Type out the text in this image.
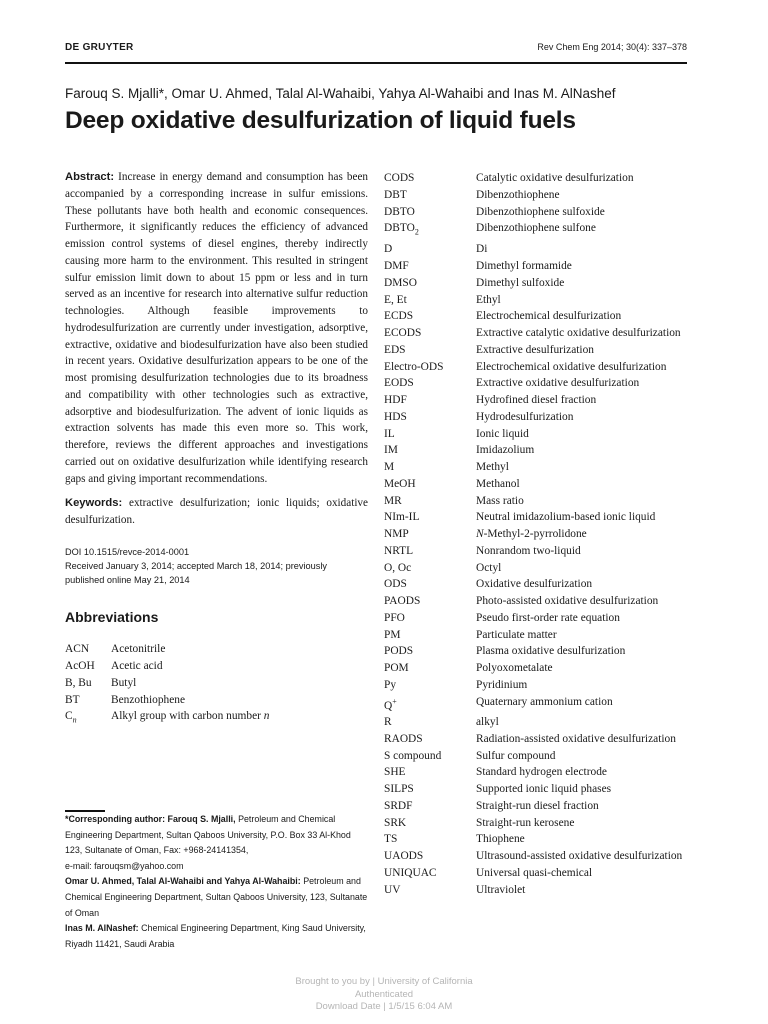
DE GRUYTER	Rev Chem Eng 2014; 30(4): 337–378
Farouq S. Mjalli*, Omar U. Ahmed, Talal Al-Wahaibi, Yahya Al-Wahaibi and Inas M. AlNashef
Deep oxidative desulfurization of liquid fuels

Abstract: Increase in energy demand and consumption has been accompanied by a corresponding increase in sulfur emissions. These pollutants have both health and economic consequences. Furthermore, it significantly reduces the efficiency of advanced emission control systems of diesel engines, thereby indirectly causing more harm to the environment. This resulted in stringent sulfur emission limit down to about 15 ppm or less and in turn served as an incentive for research into alternative sulfur reduction technologies. Although feasible improvements to hydrodesulfurization are currently under investigation, adsorptive, extractive, oxidative and biodesulfurization have also been studied in recent years. Oxidative desulfurization appears to be one of the most promising desulfurization technologies due to its broadness and compatibility with other technologies such as extractive, adsorptive and biodesulfurization. The advent of ionic liquids as extraction solvents has made this even more so. This work, therefore, reviews the different approaches and investigations carried out on oxidative desulfurization while identifying research gaps and giving important recommendations.

Keywords: extractive desulfurization; ionic liquids; oxidative desulfurization.

DOI 10.1515/revce-2014-0001
Received January 3, 2014; accepted March 18, 2014; previously published online May 21, 2014
Abbreviations
ACN	Acetonitrile
AcOH	Acetic acid
B, Bu	Butyl
BT	Benzothiophene
$C_n$	Alkyl group with carbon number n

*Corresponding author: Farouq S. Mjalli, Petroleum and Chemical Engineering Department, Sultan Qaboos University, P.O. Box 33 Al-Khod 123, Sultanate of Oman, Fax: +968-24141354,

e-mail: farouqsm@yahoo.com

Omar U. Ahmed, Talal Al-Wahaibi and Yahya Al-Wahaibi: Petroleum and Chemical Engineering Department, Sultan Qaboos University, 123, Sultanate of Oman

Inas M. AlNashef: Chemical Engineering Department, King Saud University, Riyadh 11421, Saudi Arabia

CODS	Catalytic oxidative desulfurization
DBT	Dibenzothiophene
DBTO	Dibenzothiophene sulfoxide
$DBTO_2$	Dibenzothiophene sulfone
D	Di
DMF	Dimethyl formamide
DMSO	Dimethyl sulfoxide
E, Et	Ethyl
ECDS	Electrochemical desulfurization
ECODS	Extractive catalytic oxidative desulfurization
EDS	Extractive desulfurization
Electro-ODS	Electrochemical oxidative desulfurization
EODS	Extractive oxidative desulfurization
HDF	Hydrofined diesel fraction
HDS	Hydrodesulfurization
IL	Ionic liquid
IM	Imidazolium
M	Methyl
MeOH	Methanol
MR	Mass ratio
NIm-IL	Neutral imidazolium-based ionic liquid
NMP	N-Methyl-2-pyrrolidone
NRTL	Nonrandom two-liquid
O, Oc	Octyl
ODS	Oxidative desulfurization
PAODS	Photo-assisted oxidative desulfurization
PFO	Pseudo first-order rate equation
PM	Particulate matter
PODS	Plasma oxidative desulfurization
POM	Polyoxometalate
Py	Pyridinium
Q+	Quaternary ammonium cation
R	alkyl
RAODS	Radiation-assisted oxidative desulfurization
S compound	Sulfur compound
SHE	Standard hydrogen electrode
SILPS	Supported ionic liquid phases
SRDF	Straight-run diesel fraction
SRK	Straight-run kerosene
TS	Thiophene
UAODS	Ultrasound-assisted oxidative desulfurization
UNIQUAC	Universal quasi-chemical
UV	Ultraviolet
Brought to you by | University of California
Authenticated
Download Date | 1/5/15 6:04 AM
